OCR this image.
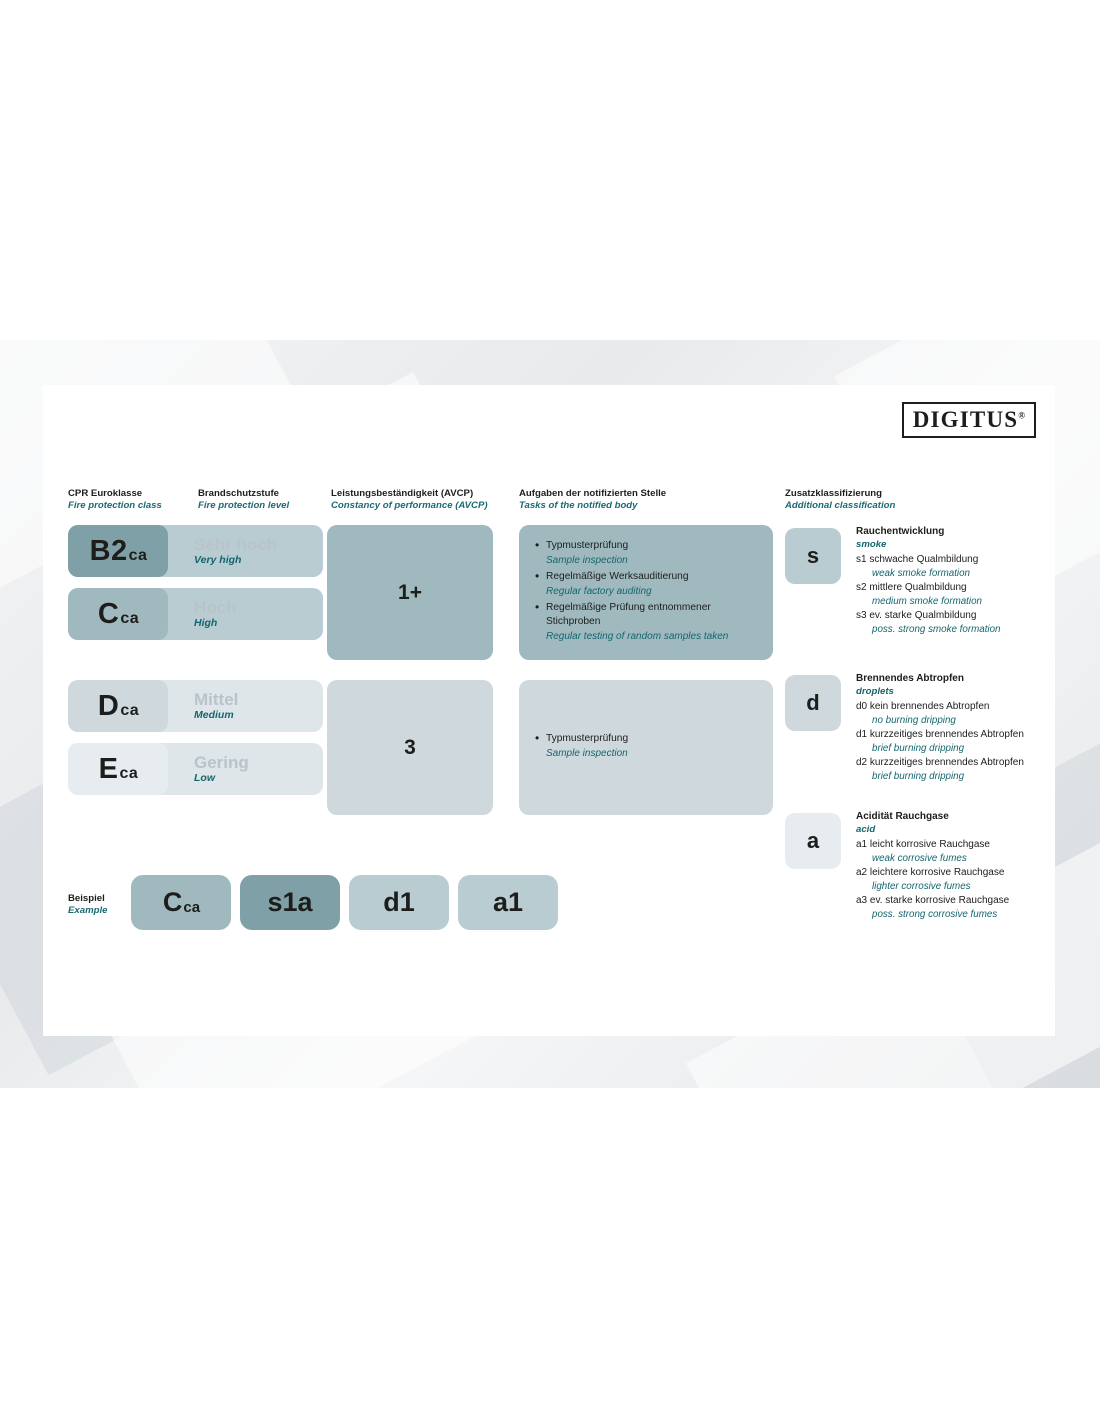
DIGITUS®
CPR Euroklasse
Fire protection class
Brandschutzstufe
Fire protection level
Leistungsbeständigkeit (AVCP)
Constancy of performance (AVCP)
Aufgaben der notifizierten Stelle
Tasks of the notified body
Zusatzklassifizierung
Additional classification
Sehr hoch
Very high
Hoch
High
$B2_{ca}$
$C_{ca}$
1+
• Typmusterprüfung
Sample inspection
• Regelmäßige Werksauditierung
Regular factory auditing
• Regelmäßige Prüfung entnommener Stichproben
Regular testing of random samples taken
Mittel
Medium
Gering
Low
$D_{ca}$
$E_{ca}$
3	• Typmusterprüfung
Sample inspection
Beispiel
Example $C_{ca}$ s1a	d1	a1
s
Rauchentwicklung
smoke
s1 schwache Qualmbildung
weak smoke formation
s2 mittlere Qualmbildung
medium smoke formation
s3 ev. starke Qualmbildung
poss. strong smoke formation
d
Brennendes Abtropfen
droplets
d0 kein brennendes Abtropfen
no burning dripping
d1 kurzzeitiges brennendes Abtropfen
brief burning dripping
d2 kurzzeitiges brennendes Abtropfen
brief burning dripping
a
Acidität Rauchgase
acid
a1 leicht korrosive Rauchgase
weak corrosive fumes
a2 leichtere korrosive Rauchgase
lighter corrosive fumes
a3 ev. starke korrosive Rauchgase
poss. strong corrosive fumes
